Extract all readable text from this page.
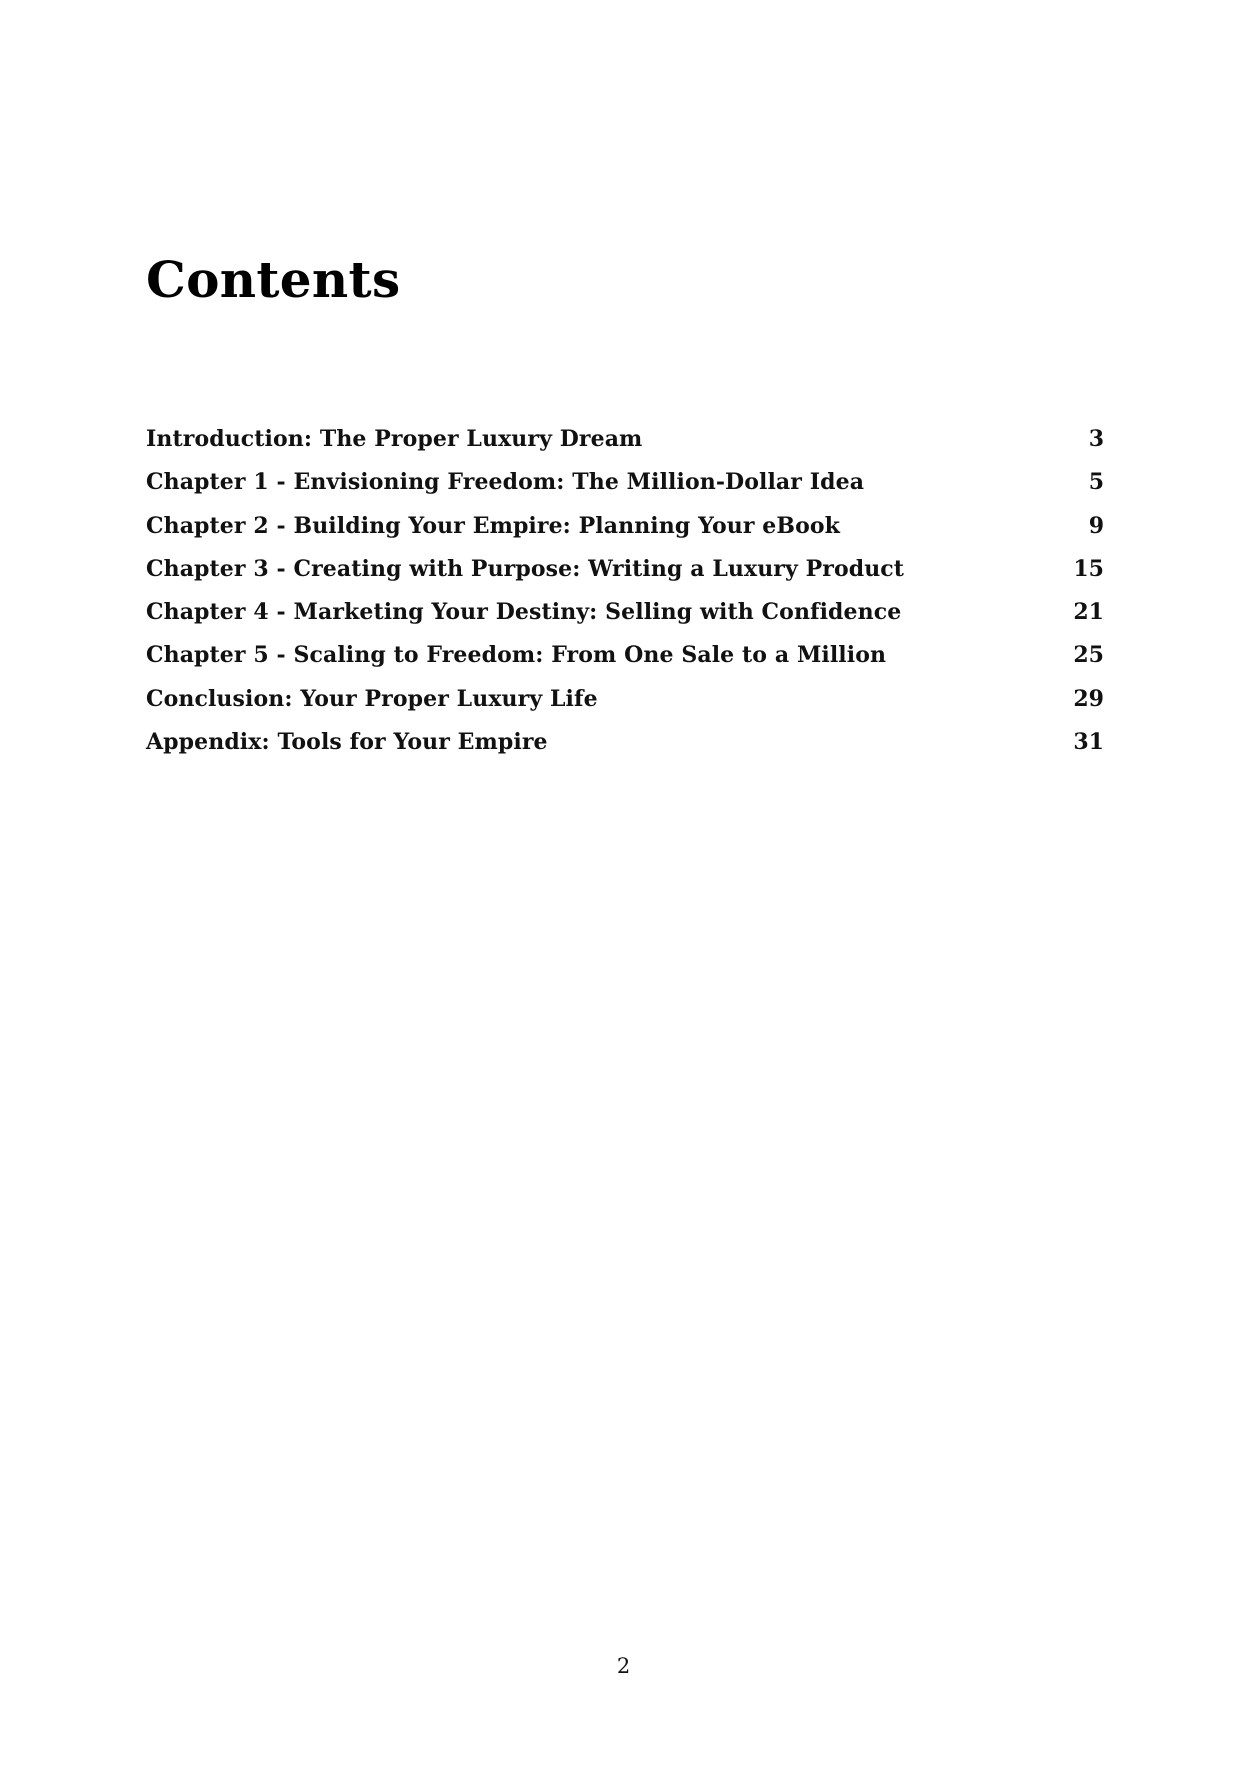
Contents
Introduction: The Proper Luxury Dream	3
Chapter 1 - Envisioning Freedom: The Million-Dollar Idea	5
Chapter 2 - Building Your Empire: Planning Your eBook	9
Chapter 3 - Creating with Purpose: Writing a Luxury Product	15
Chapter 4 - Marketing Your Destiny: Selling with Confidence	21
Chapter 5 - Scaling to Freedom: From One Sale to a Million	25
Conclusion: Your Proper Luxury Life	29
Appendix: Tools for Your Empire	31
2
